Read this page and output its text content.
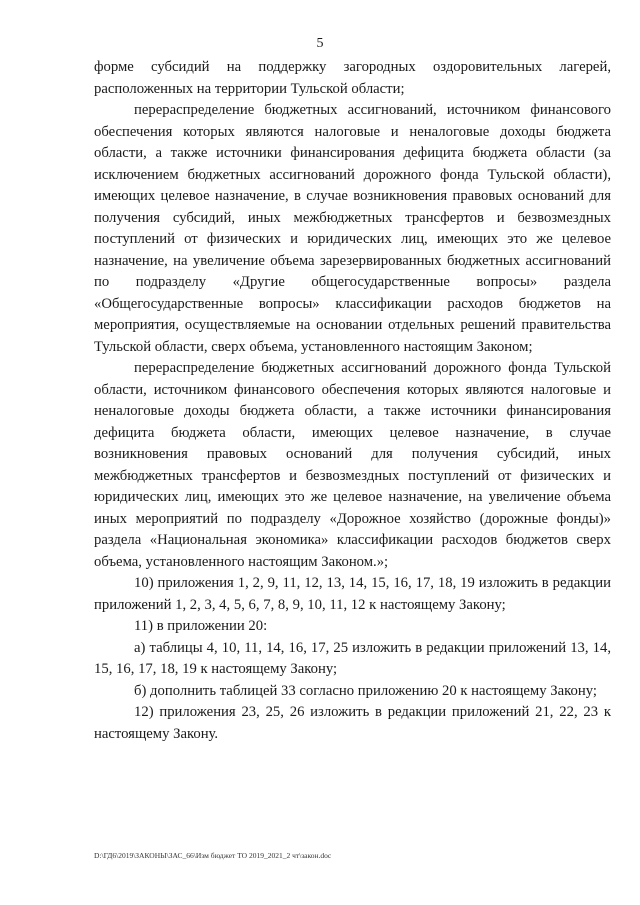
5

форме субсидий на поддержку загородных оздоровительных лагерей, расположенных на территории Тульской области;

перераспределение бюджетных ассигнований, источником финансового обеспечения которых являются налоговые и неналоговые доходы бюджета области, а также источники финансирования дефицита бюджета области (за исключением бюджетных ассигнований дорожного фонда Тульской области), имеющих целевое назначение, в случае возникновения правовых оснований для получения субсидий, иных межбюджетных трансфертов и безвозмездных поступлений от физических и юридических лиц, имеющих это же целевое назначение, на увеличение объема зарезервированных бюджетных ассигнований по подразделу «Другие общегосударственные вопросы» раздела «Общегосударственные вопросы» классификации расходов бюджетов на мероприятия, осуществляемые на основании отдельных решений правительства Тульской области, сверх объема, установленного настоящим Законом;

перераспределение бюджетных ассигнований дорожного фонда Тульской области, источником финансового обеспечения которых являются налоговые и неналоговые доходы бюджета области, а также источники финансирования дефицита бюджета области, имеющих целевое назначение, в случае возникновения правовых оснований для получения субсидий, иных межбюджетных трансфертов и безвозмездных поступлений от физических и юридических лиц, имеющих это же целевое назначение, на увеличение объема иных мероприятий по подразделу «Дорожное хозяйство (дорожные фонды)» раздела «Национальная экономика» классификации расходов бюджетов сверх объема, установленного настоящим Законом.»;

10) приложения 1, 2, 9, 11, 12, 13, 14, 15, 16, 17, 18, 19 изложить в редакции приложений 1, 2, 3, 4, 5, 6, 7, 8, 9, 10, 11, 12 к настоящему Закону;

11) в приложении 20:

а) таблицы 4, 10, 11, 14, 16, 17, 25 изложить в редакции приложений 13, 14, 15, 16, 17, 18, 19 к настоящему Закону;

б) дополнить таблицей 33 согласно приложению 20 к настоящему Закону;

12) приложения 23, 25, 26 изложить в редакции приложений 21, 22, 23 к настоящему Закону.

D:\ГД6\2019\ЗАКОНЫ\ЗАС_66\Изм бюджет ТО 2019_2021_2 чт\закон.doc
